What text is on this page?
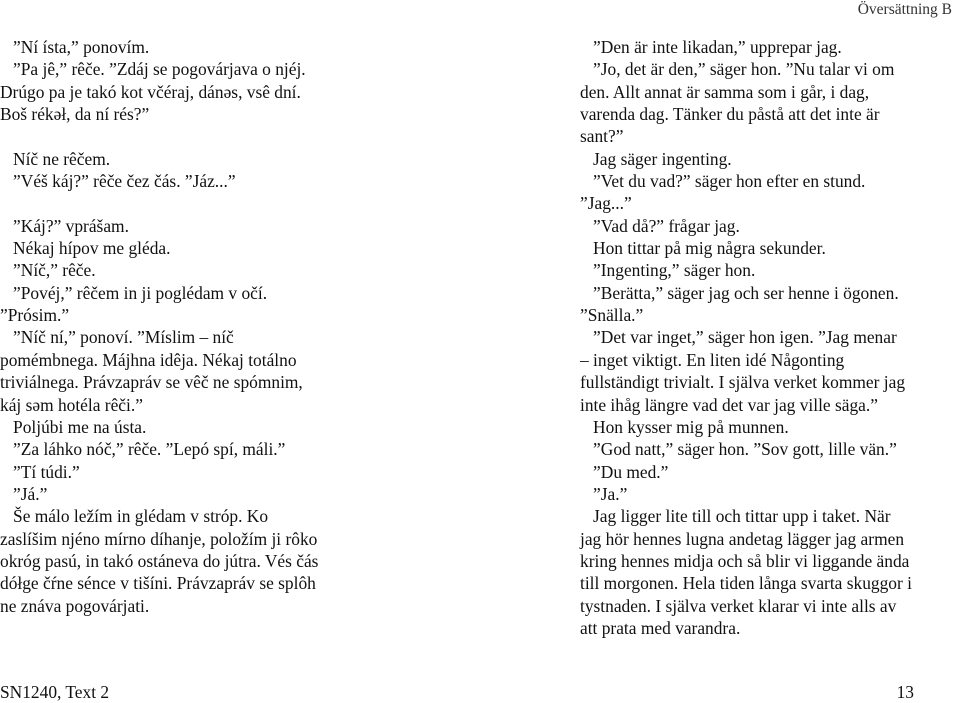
Översättning B
”Ní ísta,” ponovím.
”Pa jê,” rêče. ”Zdáj se pogovárjava o njéj.
Drúgo pa je takó kot včéraj, dánəs, vsê dní.
Boš rékəł, da ní rés?”
Níč ne rêčem.
”Véš káj?” rêče čez čás. ”Jáz...”
”Káj?” vprášam.
Nékaj hípov me gléda.
”Níč,” rêče.
”Povéj,” rêčem in ji poglédam v očí.
”Prósim.”
”Níč ní,” ponoví. ”Míslim – níč
pomémbnega. Májhna idêja. Nékaj totálno
triviálnega. Právzapráv se vêč ne spómnim,
káj səm hotéla rêči.”
Poljúbi me na ústa.
”Za láhko nóč,” rêče. ”Lepó spí, máli.”
”Tí túdi.”
”Já.”
Še málo ležím in glédam v stróp. Ko
zaslíšim njéno mírno díhanje, položím ji rôko
okróg pasú, in takó ostáneva do jútra. Vés čás
dółge čŕne sénce v tišíni. Právzapráv se splôh
ne znáva pogovárjati.
”Den är inte likadan,” upprepar jag.
”Jo, det är den,” säger hon. ”Nu talar vi om
den. Allt annat är samma som i går, i dag,
varenda dag. Tänker du påstå att det inte är
sant?”
Jag säger ingenting.
”Vet du vad?” säger hon efter en stund.
”Jag...”
”Vad då?” frågar jag.
Hon tittar på mig några sekunder.
”Ingenting,” säger hon.
”Berätta,” säger jag och ser henne i ögonen.
”Snälla.”
”Det var inget,” säger hon igen. ”Jag menar
– inget viktigt. En liten idé Någonting
fullständigt trivialt. I själva verket kommer jag
inte ihåg längre vad det var jag ville säga.”
Hon kysser mig på munnen.
”God natt,” säger hon. ”Sov gott, lille vän.”
”Du med.”
”Ja.”
Jag ligger lite till och tittar upp i taket. När
jag hör hennes lugna andetag lägger jag armen
kring hennes midja och så blir vi liggande ända
till morgonen. Hela tiden långa svarta skuggor i
tystnaden. I själva verket klarar vi inte alls av
att prata med varandra.
SN1240, Text 2	13
